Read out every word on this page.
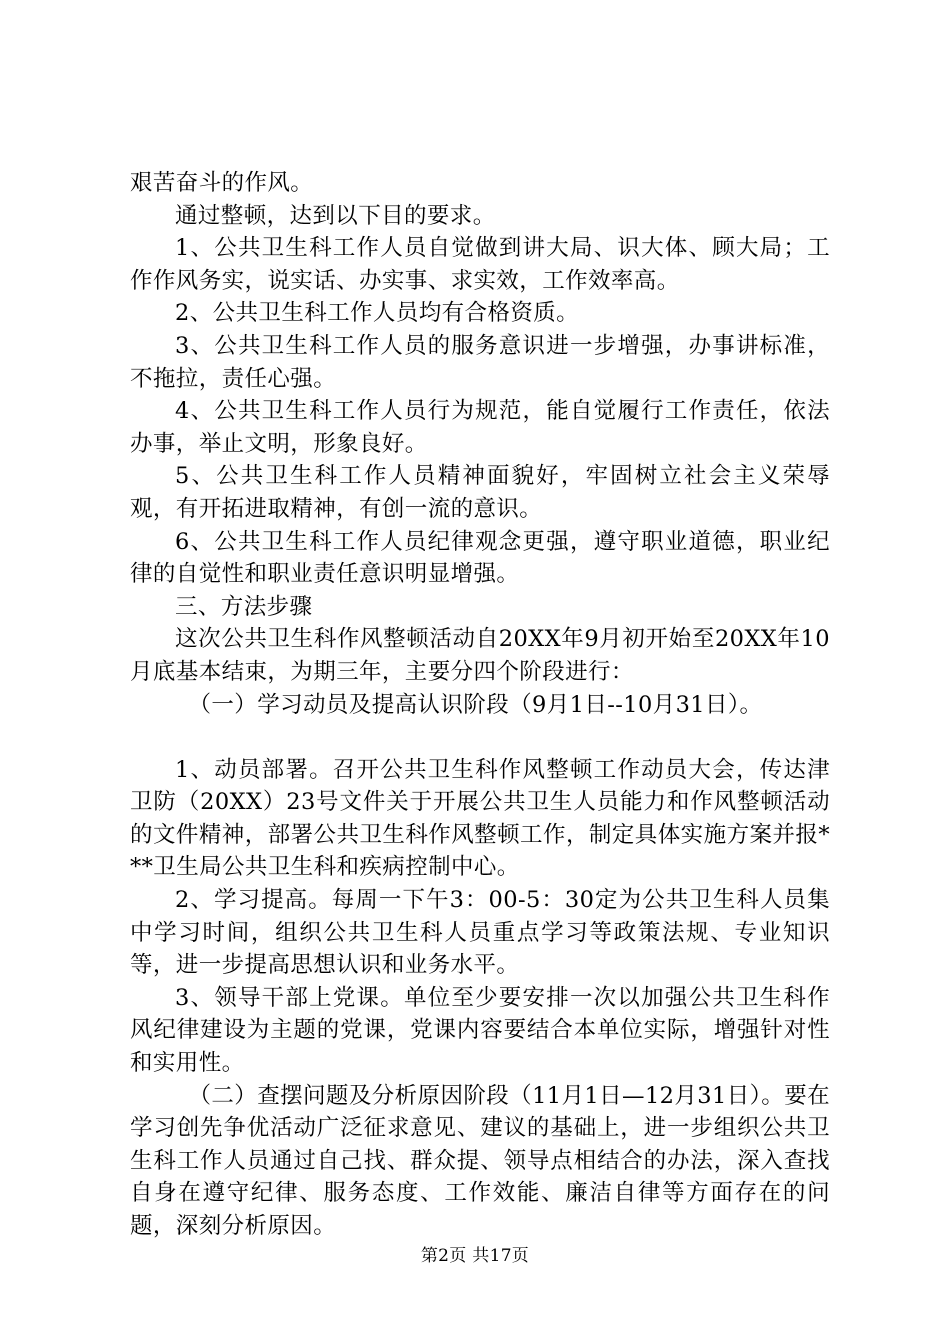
艰苦奋斗的作风。

通过整顿，达到以下目的要求。

1、公共卫生科工作人员自觉做到讲大局、识大体、顾大局；工作作风务实，说实话、办实事、求实效，工作效率高。

2、公共卫生科工作人员均有合格资质。

3、公共卫生科工作人员的服务意识进一步增强，办事讲标准，不拖拉，责任心强。

4、公共卫生科工作人员行为规范，能自觉履行工作责任，依法办事，举止文明，形象良好。

5、公共卫生科工作人员精神面貌好，牢固树立社会主义荣辱观，有开拓进取精神，有创一流的意识。

6、公共卫生科工作人员纪律观念更强，遵守职业道德，职业纪律的自觉性和职业责任意识明显增强。

三、方法步骤

这次公共卫生科作风整顿活动自20XX年9月初开始至20XX年10月底基本结束，为期三年，主要分四个阶段进行：

（一）学习动员及提高认识阶段（9月1日--10月31日）。

1、动员部署。召开公共卫生科作风整顿工作动员大会，传达津卫防（20XX）23号文件关于开展公共卫生人员能力和作风整顿活动的文件精神，部署公共卫生科作风整顿工作，制定具体实施方案并报***卫生局公共卫生科和疾病控制中心。

2、学习提高。每周一下午3：00-5：30定为公共卫生科人员集中学习时间，组织公共卫生科人员重点学习等政策法规、专业知识等，进一步提高思想认识和业务水平。

3、领导干部上党课。单位至少要安排一次以加强公共卫生科作风纪律建设为主题的党课，党课内容要结合本单位实际，增强针对性和实用性。

（二）查摆问题及分析原因阶段（11月1日—12月31日）。要在学习创先争优活动广泛征求意见、建议的基础上，进一步组织公共卫生科工作人员通过自己找、群众提、领导点相结合的办法，深入查找自身在遵守纪律、服务态度、工作效能、廉洁自律等方面存在的问题，深刻分析原因。

第2页 共17页
